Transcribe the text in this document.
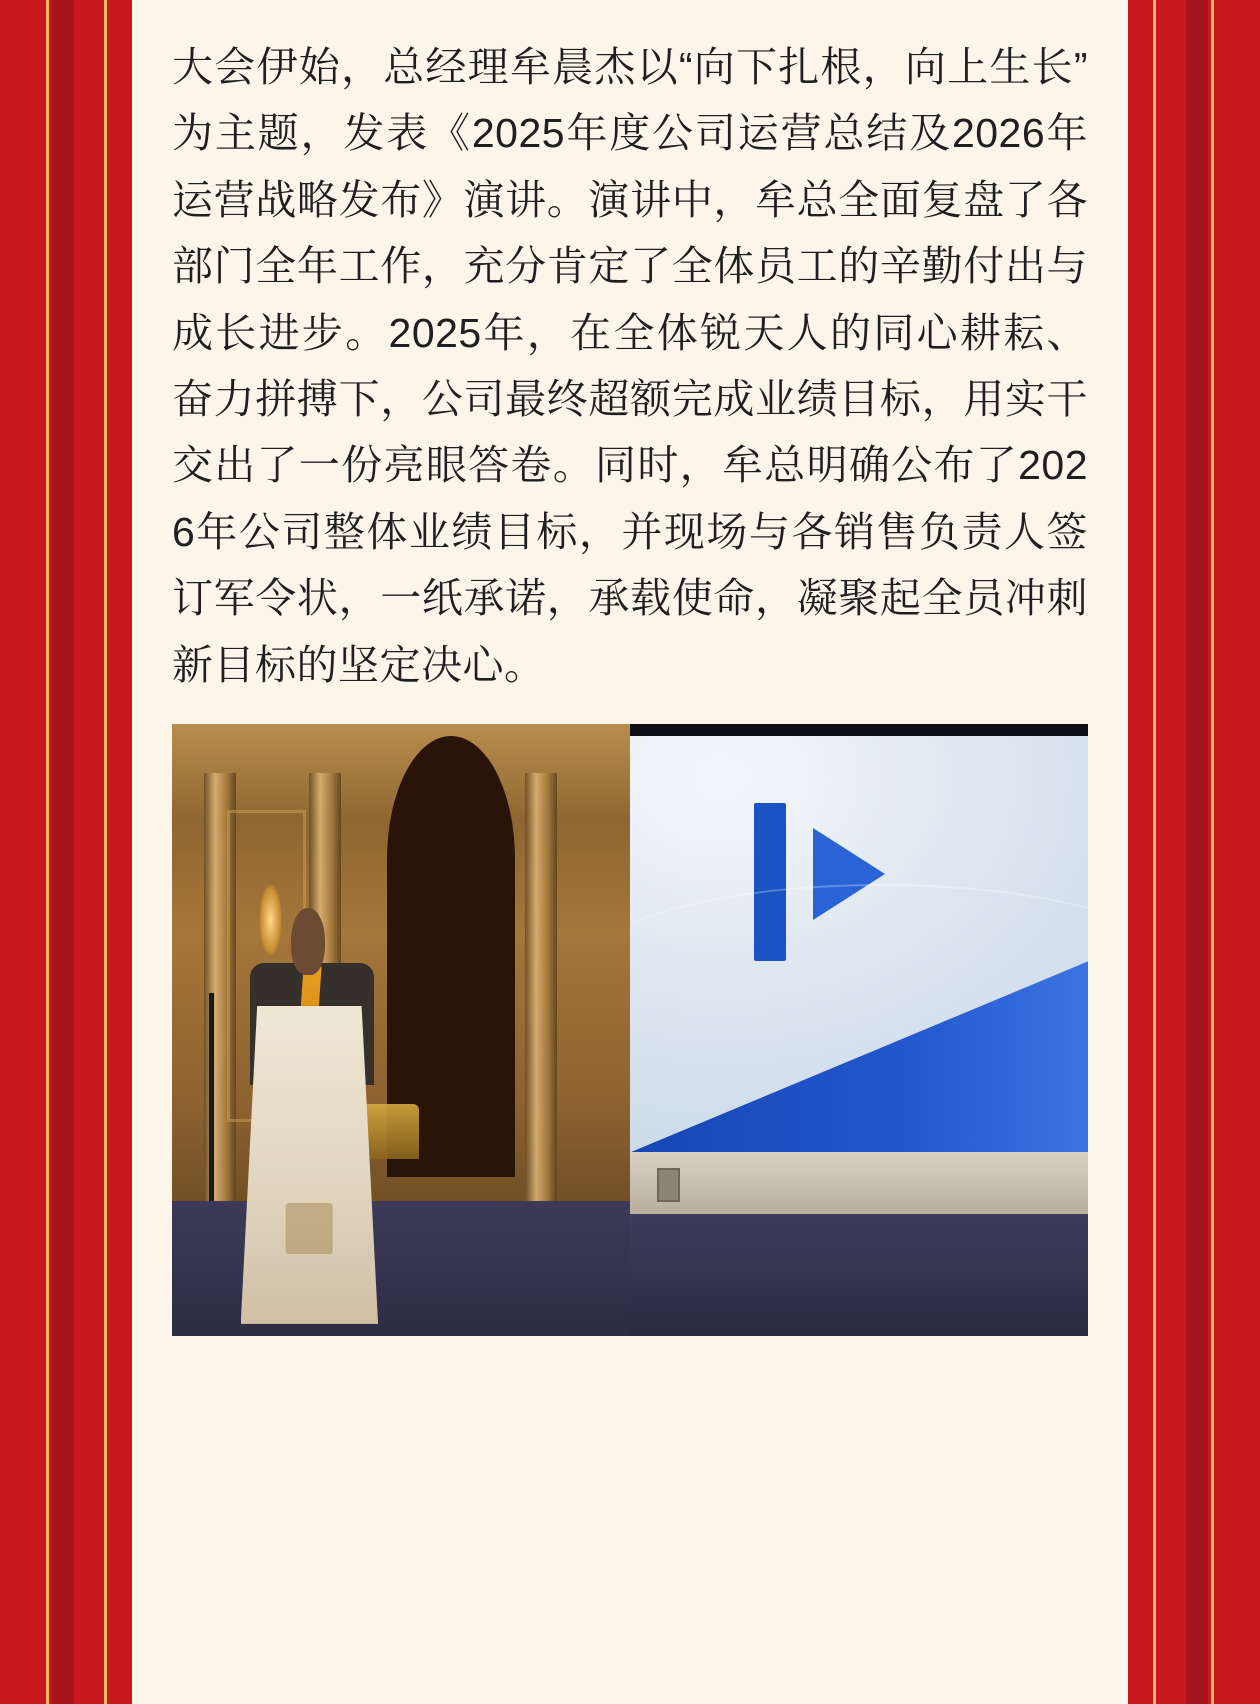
大会伊始，总经理牟晨杰以“向下扎根，向上生长”为主题，发表《2025年度公司运营总结及2026年运营战略发布》演讲。演讲中，牟总全面复盘了各部门全年工作，充分肯定了全体员工的辛勤付出与成长进步。2025年，在全体锐天人的同心耕耘、奋力拼搏下，公司最终超额完成业绩目标，用实干交出了一份亮眼答卷。同时，牟总明确公布了2026年公司整体业绩目标，并现场与各销售负责人签订军令状，一纸承诺，承载使命，凝聚起全员冲刺新目标的坚定决心。
